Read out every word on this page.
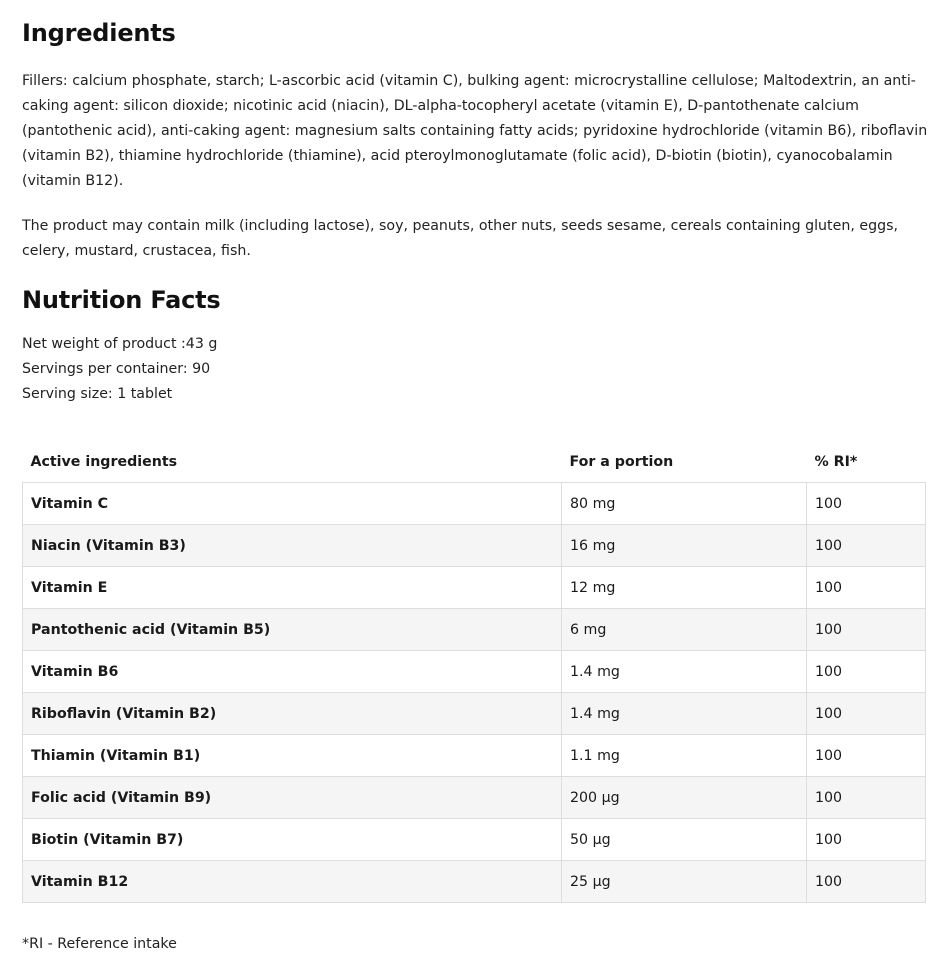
Ingredients

Fillers: calcium phosphate, starch; L-ascorbic acid (vitamin C), bulking agent: microcrystalline cellulose; Maltodextrin, an anti-caking agent: silicon dioxide; nicotinic acid (niacin), DL-alpha-tocopheryl acetate (vitamin E), D-pantothenate calcium (pantothenic acid), anti-caking agent: magnesium salts containing fatty acids; pyridoxine hydrochloride (vitamin B6), riboflavin (vitamin B2), thiamine hydrochloride (thiamine), acid pteroylmonoglutamate (folic acid), D-biotin (biotin), cyanocobalamin (vitamin B12).

The product may contain milk (including lactose), soy, peanuts, other nuts, seeds sesame, cereals containing gluten, eggs, celery, mustard, crustacea, fish.

Nutrition Facts
Net weight of product :43 g
Servings per container: 90
Serving size: 1 tablet
Active ingredients	For a portion	% RI*
Vitamin C	80 mg	100
Niacin (Vitamin B3)	16 mg	100
Vitamin E	12 mg	100
Pantothenic acid (Vitamin B5)	6 mg	100
Vitamin B6	1.4 mg	100
Riboflavin (Vitamin B2)	1.4 mg	100
Thiamin (Vitamin B1)	1.1 mg	100
Folic acid (Vitamin B9)	200 µg	100
Biotin (Vitamin B7)	50 µg	100
Vitamin B12	25 µg	100
*RI - Reference intake
